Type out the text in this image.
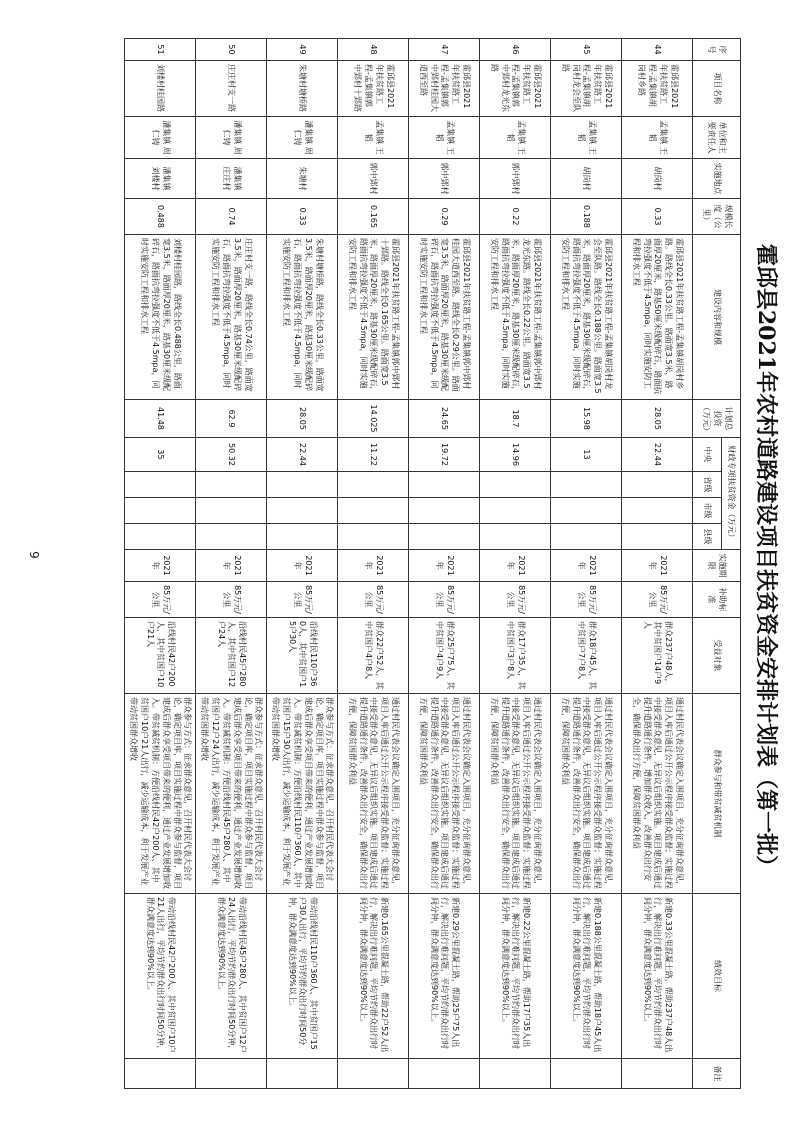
霍邱县2021年农村道路建设项目扶贫资金安排计划表（第一批）
序号	项目名称	单位和主要责任人	实施地点	规模长度（公里）	建设内容和规模	计划总投资（万元）	财政专项扶贫资金（万元）				实施期限	补助标准	受益对象	群众参与和带贫减贫机制	绩效目标	备注
							中央	省级	市级	县级						
44	霍邱县2021年扶贫路工程-孟集镇胡岗村乡路	孟集镇 王韬	胡岗村	0.33	霍邱县2021年扶贫路工程-孟集镇胡岗村乡路。路线全长0.33公里。路面宽3.5米，路面厚20厘米，路基50厘米级配碎石，路面抗弯拉强度不低于4.5mpa，同时实施安防工程和排水工程	28.05	22.44				2021年	85万元/公里	群众237户48人，其中贫困户14户9人	通过村民代表会议确定入围项目，充分征询群众意见，项目入库后通过公开公示程序接受群众监督；实施过程中接受群众意见，无异议后组织实施。项目建成后通过提升道路通行条件，增加群众收入，改善群众出行安全，确保群众出行方便，保障贫困群众利益	新建0.33公里混凝土路，帮助237户48人出行，解决出行难问题，平均节约群众出行时间分钟，群众满意度达到90%以上。	
45	霍邱县2021年扶贫路工程-孟集镇胡岗村龙会至队路	孟集镇 王韬	胡岗村	0.188	霍邱县2021年扶贫路工程-孟集镇胡岗村龙会至队路。路线全长0.188公里。路面宽3.5米，路面厚20厘米，路基30厘米级配碎石，路面抗弯拉强度不低于4.5mpa，同时实施安防工程和排水工程	15.98	13				2021年	85万元/公里	群众18户45人，其中贫困户7户8人	通过村民代表会议确定入围项目，充分征询群众意见，项目入库后通过公开公示程序接受群众监督；实施过程中接受群众意见，无异议后组织实施。项目建成后通过提升道路通行条件，改善群众出行安全，确保群众出行方便，保障贫困群众利益	新建0.188公里混凝土路，帮助18户45人出行，解决出行难问题，平均节约群众出行时间分钟，群众满意度达到90%以上。	
46	霍邱县2021年扶贫路工程-孟集镇郭中郢村龙光东路	孟集镇 王韬	郭中郢村	0.22	霍邱县2021年扶贫路工程-孟集镇郭中郢村龙光东路。路线全长0.22公里。路面宽3.5米，路面厚20厘米，路基30厘米级配碎石，路面抗弯拉强度不低于4.5mpa，同时实施安防工程和排水工程	18.7	14.96				2021年	85万元/公里	群众17户35人，其中贫困户3户8人	通过村民代表会议确定入围项目，充分征询群众意见，项目入库后通过公开公示程序接受群众监督；实施过程中接受群众意见，无异议后组织实施。项目建成后通过提升道路通行条件，改善群众出行安全，确保群众出行方便，保障贫困群众利益	新建0.22公里混凝土路，帮助17户35人出行，解决出行难问题，平均节约群众出行时间分钟，群众满意度达到90%以上。	
47	霍邱县2021年扶贫路工程-孟集镇郭中郢村桂园大道西至路	孟集镇 王韬	郭中郢村	0.29	霍邱县2021年扶贫路工程-孟集镇郭中郢村桂园大道西至路。路线全长0.29公里。路面宽3.5米，路面厚20厘米，路基30厘米级配碎石，路面抗弯拉强度不低于4.5mpa，同时实施安防工程和排水工程	24.65	19.72				2021年	85万元/公里	群众25户75人，其中贫困户4户9人	通过村民代表会议确定入围项目，充分征询群众意见，项目入库后通过公开公示程序接受群众监督；实施过程中接受群众意见，无异议后组织实施。项目建成后通过提升道路通行条件，改善群众出行安全，确保群众出行方便，保障贫困群众利益	新建0.29公里混凝土路，帮助25户75人出行，解决出行难问题，平均节约群众出行时间分钟，群众满意度达到90%以上。	
48	霍邱县2021年扶贫路工程-孟集镇郭中郢村十郢路	孟集镇 王韬	郭中郢村	0.165	霍邱县2021年扶贫路工程-孟集镇郭中郢村十郢路。路线全长0.165公里。路面宽3.5米，路面厚20厘米，路基30厘米级配碎石，路面抗弯拉强度不低于4.5mpa，同时实施安防工程和排水工程	14.025	11.22				2021年	85万元/公里	群众22户52人，其中贫困户4户8人	通过村民代表会议确定入围项目，充分征询群众意见，项目入库后通过公开公示程序接受群众监督；实施过程中接受群众意见，无异议后组织实施。项目建成后通过提升道路通行条件，改善群众出行安全，确保群众出行方便，保障贫困群众利益	新建0.165公里混凝土路，帮助22户52人出行，解决出行难问题，平均节约群众出行时间分钟，群众满意度达到90%以上。	
49	朱塘村塘桥路	潘集镇 周仁铸	朱塘村	0.33	朱塘村塘桥路，路线全长0.33公里，路面宽3.5米，路面厚20厘米，路基30厘米级配碎石，路面抗弯拉强度不低于4.5mpa，同时实施安防工程和排水工程	28.05	22.44				2021年	85万元/公里	沿线村民110户360人，其中贫困户15户30人	群众参与方式：征求群众意见，召开村民代表大会讨论，确定项目库，项目实施过程中群众参与监督，项目建成后群众享受项目带来的便利，通过产业发展增加收入。带贫减贫机制：方便沿线村民110户360人、其中贫困户15户30人出行，减少运输成本，利于发展产业带动贫困群众增收	带动沿线村民110户360人、其中贫困户15户30人出行，平均节约群众出行时间50分钟，群众满意度达到90%以上。	
50	庄庄村支一路	潘集镇 周仁铸	潘集镇 庄庄村	0.74	庄庄村支一路，路线全长0.74公里，路面宽3.5米，路面厚20厘米，路基30厘米级配碎石，路面抗弯拉强度不低于4.5mpa，同时实施安防工程和排水工程	62.9	50.32				2021年	85万元/公里	沿线村民45户280人，其中贫困户12户24人	群众参与方式：征求群众意见，召开村民代表大会讨论，确定项目库，项目实施过程中群众参与监督，项目建成后群众享受项目带来的便利，通过产业发展增加收入。带贫减贫机制：方便沿线村民45户280人、其中贫困户12户24人出行，减少运输成本，利于发展产业带动贫困群众增收	带动沿线村民45户280人、其中贫困户12户24人出行，平均节约群众出行时间50分钟，群众满意度达到90%以上。	
51	刘楼村桂园路	潘集镇 周仁铸	潘集镇 刘楼村	0.488	刘楼村桂园路，路线全长0.488公里，路面宽3.5米，路面厚20厘米，路基30厘米级配碎石，路面抗弯拉强度不低于4.5mpa，同时实施安防工程和排水工程	41.48	35				2021年	85万元/公里	沿线村民42户200人，其中贫困户10户21人	群众参与方式：征求群众意见，召开村民代表大会讨论，确定项目库，项目实施过程中群众参与监督，项目建成后群众享受项目带来的便利，通过产业发展增加收入。带贫减贫机制：方便沿线村民42户200人、其中贫困户10户21人出行，减少运输成本，利于发展产业带动贫困群众增收	带动沿线村民42户200人、其中贫困户10户21人出行，平均节约群众出行时间50分钟，群众满意度达到90%以上。	
9
